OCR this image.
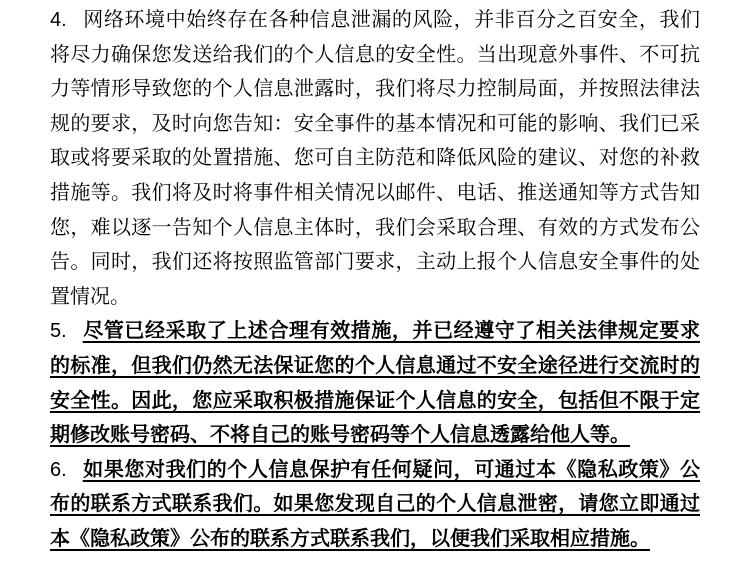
4. 网络环境中始终存在各种信息泄漏的风险，并非百分之百安全，我们将尽力确保您发送给我们的个人信息的安全性。当出现意外事件、不可抗力等情形导致您的个人信息泄露时，我们将尽力控制局面，并按照法律法规的要求，及时向您告知：安全事件的基本情况和可能的影响、我们已采取或将要采取的处置措施、您可自主防范和降低风险的建议、对您的补救措施等。我们将及时将事件相关情况以邮件、电话、推送通知等方式告知您，难以逐一告知个人信息主体时，我们会采取合理、有效的方式发布公告。同时，我们还将按照监管部门要求，主动上报个人信息安全事件的处置情况。

5. 尽管已经采取了上述合理有效措施，并已经遵守了相关法律规定要求的标准，但我们仍然无法保证您的个人信息通过不安全途径进行交流时的安全性。因此，您应采取积极措施保证个人信息的安全，包括但不限于定期修改账号密码、不将自己的账号密码等个人信息透露给他人等。

6. 如果您对我们的个人信息保护有任何疑问，可通过本《隐私政策》公布的联系方式联系我们。如果您发现自己的个人信息泄密，请您立即通过本《隐私政策》公布的联系方式联系我们，以便我们采取相应措施。
